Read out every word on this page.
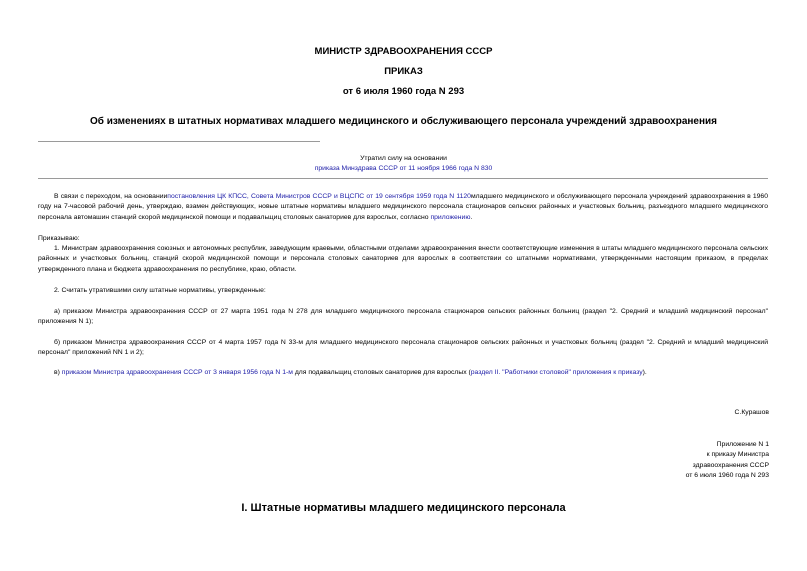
МИНИСТР ЗДРАВООХРАНЕНИЯ СССР
ПРИКАЗ
от 6 июля 1960 года N 293
Об изменениях в штатных нормативах младшего медицинского и обслуживающего персонала учреждений здравоохранения
Утратил силу на основании
приказа Минздрава СССР от 11 ноября 1966 года N 830

В связи с переходом, на основаниипостановления ЦК КПСС, Совета Министров СССР и ВЦСПС от 19 сентября 1959 года N 1120младшего медицинского и обслуживающего персонала учреждений здравоохранения в 1960 году на 7-часовой рабочий день, утверждаю, взамен действующих, новые штатные нормативы младшего медицинского персонала стационаров сельских районных и участковых больниц, разъездного младшего медицинского персонала автомашин станций скорой медицинской помощи и подавальщиц столовых санаториев для взрослых, согласно приложению.

Приказываю:

1. Министрам здравоохранения союзных и автономных республик, заведующим краевыми, областными отделами здравоохранения внести соответствующие изменения в штаты младшего медицинского персонала сельских районных и участковых больниц, станций скорой медицинской помощи и персонала столовых санаториев для взрослых в соответствии со штатными нормативами, утвержденными настоящим приказом, в пределах утвержденного плана и бюджета здравоохранения по республике, краю, области.

2. Считать утратившими силу штатные нормативы, утвержденные:

а) приказом Министра здравоохранения СССР от 27 марта 1951 года N 278 для младшего медицинского персонала стационаров сельских районных больниц (раздел "2. Средний и младший медицинский персонал" приложения N 1);

б) приказом Министра здравоохранения СССР от 4 марта 1957 года N 33-м для младшего медицинского персонала стационаров сельских районных и участковых больниц (раздел "2. Средний и младший медицинский персонал" приложений NN 1 и 2);

в) приказом Министра здравоохранения СССР от 3 января 1956 года N 1-м для подавальщиц столовых санаториев для взрослых (раздел II. "Работники столовой" приложения к приказу).

С.Курашов
Приложение N 1
к приказу Министра
здравоохранения СССР
от 6 июля 1960 года N 293
I. Штатные нормативы младшего медицинского персонала
